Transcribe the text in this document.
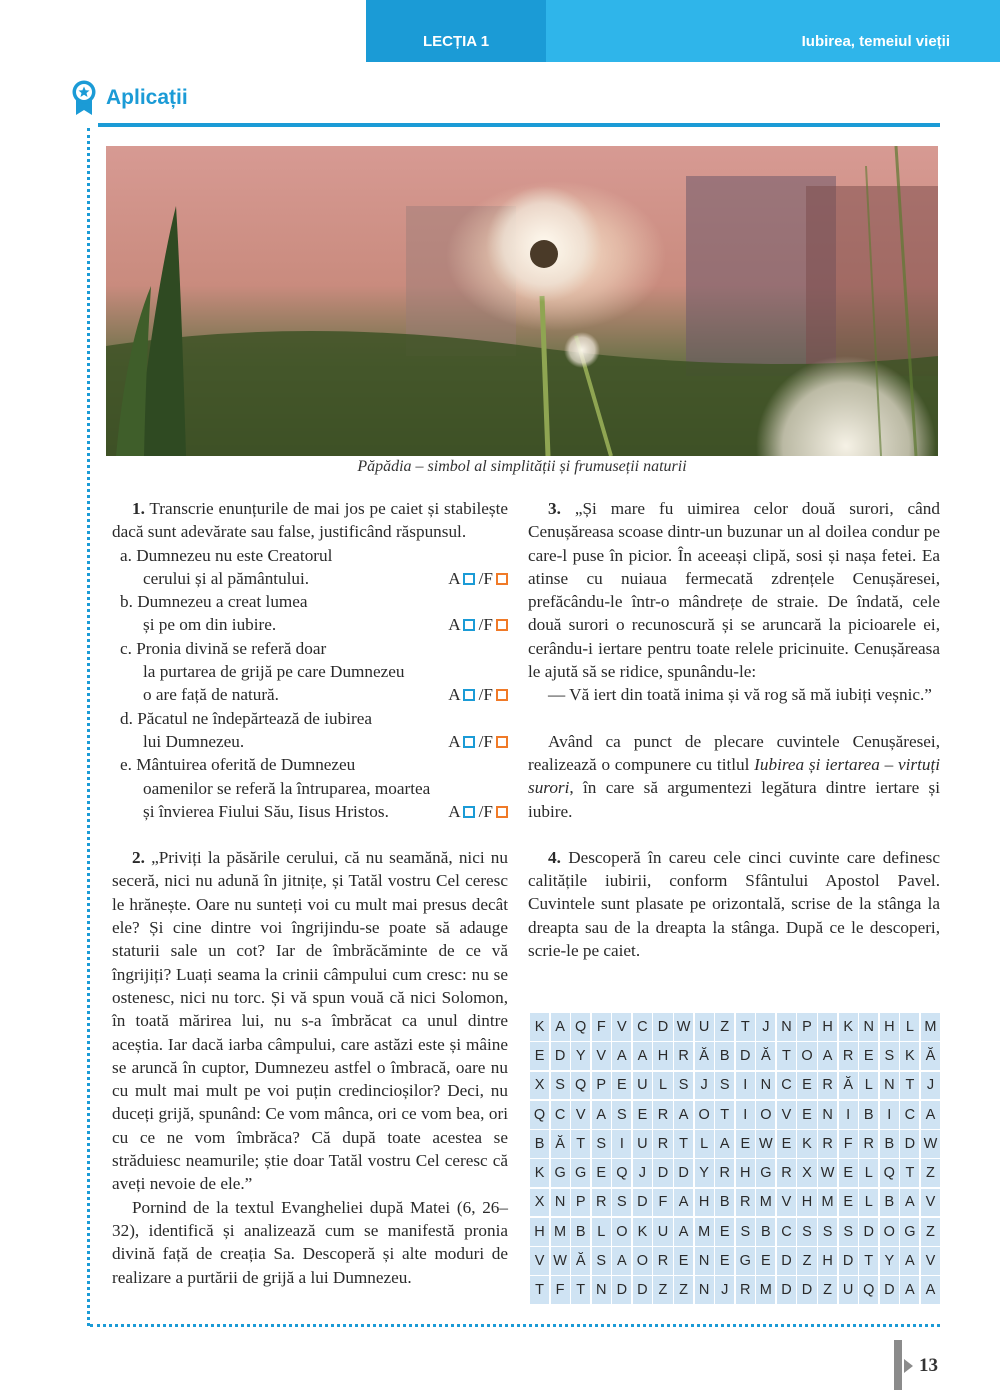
LECȚIA 1	Iubirea, temeiul vieții
Aplicații
Păpădia – simbol al simplității și frumuseții naturii

1. Transcrie enunțurile de mai jos pe caiet și stabilește dacă sunt adevărate sau false, justificând răspunsul.

a. Dumnezeu nu este Creatorul
cerului și al pământului.	A /F
b. Dumnezeu a creat lumea
și pe om din iubire.	A /F
c. Pronia divină se referă doar
la purtarea de grijă pe care Dumnezeu
o are față de natură.	A /F
d. Păcatul ne îndepărtează de iubirea
lui Dumnezeu.	A /F
e. Mântuirea oferită de Dumnezeu
oamenilor se referă la întruparea, moartea
și învierea Fiului Său, Iisus Hristos.	A /F

2. „Priviți la păsările cerului, că nu seamănă, nici nu seceră, nici nu adună în jitnițe, și Tatăl vostru Cel ceresc le hrănește. Oare nu sunteți voi cu mult mai presus decât ele? Și cine dintre voi îngrijindu-se poate să adauge staturii sale un cot? Iar de îmbrăcăminte de ce vă îngrijiți? Luați seama la crinii câmpului cum cresc: nu se ostenesc, nici nu torc. Și vă spun vouă că nici Solomon, în toată mărirea lui, nu s-a îmbrăcat ca unul dintre aceștia. Iar dacă iarba câmpului, care astăzi este și mâine se aruncă în cuptor, Dumnezeu astfel o îmbracă, oare nu cu mult mai mult pe voi puțin credincioșilor? Deci, nu duceți grijă, spunând: Ce vom mânca, ori ce vom bea, ori cu ce ne vom îmbrăca? Că după toate acestea se străduiesc neamurile; știe doar Tatăl vostru Cel ceresc că aveți nevoie de ele.”

Pornind de la textul Evangheliei după Matei (6, 26–32), identifică și analizează cum se manifestă pronia divină față de creația Sa. Descoperă și alte moduri de realizare a purtării de grijă a lui Dumnezeu.

3. „Și mare fu uimirea celor două surori, când Cenușăreasa scoase dintr-un buzunar un al doilea condur pe care-l puse în picior. În aceeași clipă, sosi și nașa fetei. Ea atinse cu nuiaua fermecată zdrențele Cenușăresei, prefăcându-le într-o mândrețe de straie. De îndată, cele două surori o recunoscură și se aruncară la picioarele ei, cerându-i iertare pentru toate relele pricinuite. Cenușăreasa le ajută să se ridice, spunându-le:

— Vă iert din toată inima și vă rog să mă iubiți veșnic.”

Având ca punct de plecare cuvintele Cenușăresei, realizează o compunere cu titlul Iubirea și iertarea – virtuți surori, în care să argumentezi legătura dintre iertare și iubire.

4. Descoperă în careu cele cinci cuvinte care definesc calitățile iubirii, conform Sfântului Apostol Pavel. Cuvintele sunt plasate pe orizontală, scrise de la stânga la dreapta sau de la dreapta la stânga. După ce le descoperi, scrie-le pe caiet.

K A Q F V C D W U Z T J N P H K N H L M
E D Y V A A H R Ă B D Ă T O A R E S K Ă
X S Q P E U L S J S I N C E R Ă L N T J
Q C V A S E R A O T I O V E N I B I C A
B Ă T S I U R T L A E W E K R F R B D W
K G G E Q J D D Y R H G R X W E L Q T Z
X N P R S D F A H B R M V H M E L B A V
H M B L O K U A M E S B C S S S D O G Z
V W Ă S A O R E N E G E D Z H D T Y A V
T F T N D D Z Z N J R M D D Z U Q D A A
13
